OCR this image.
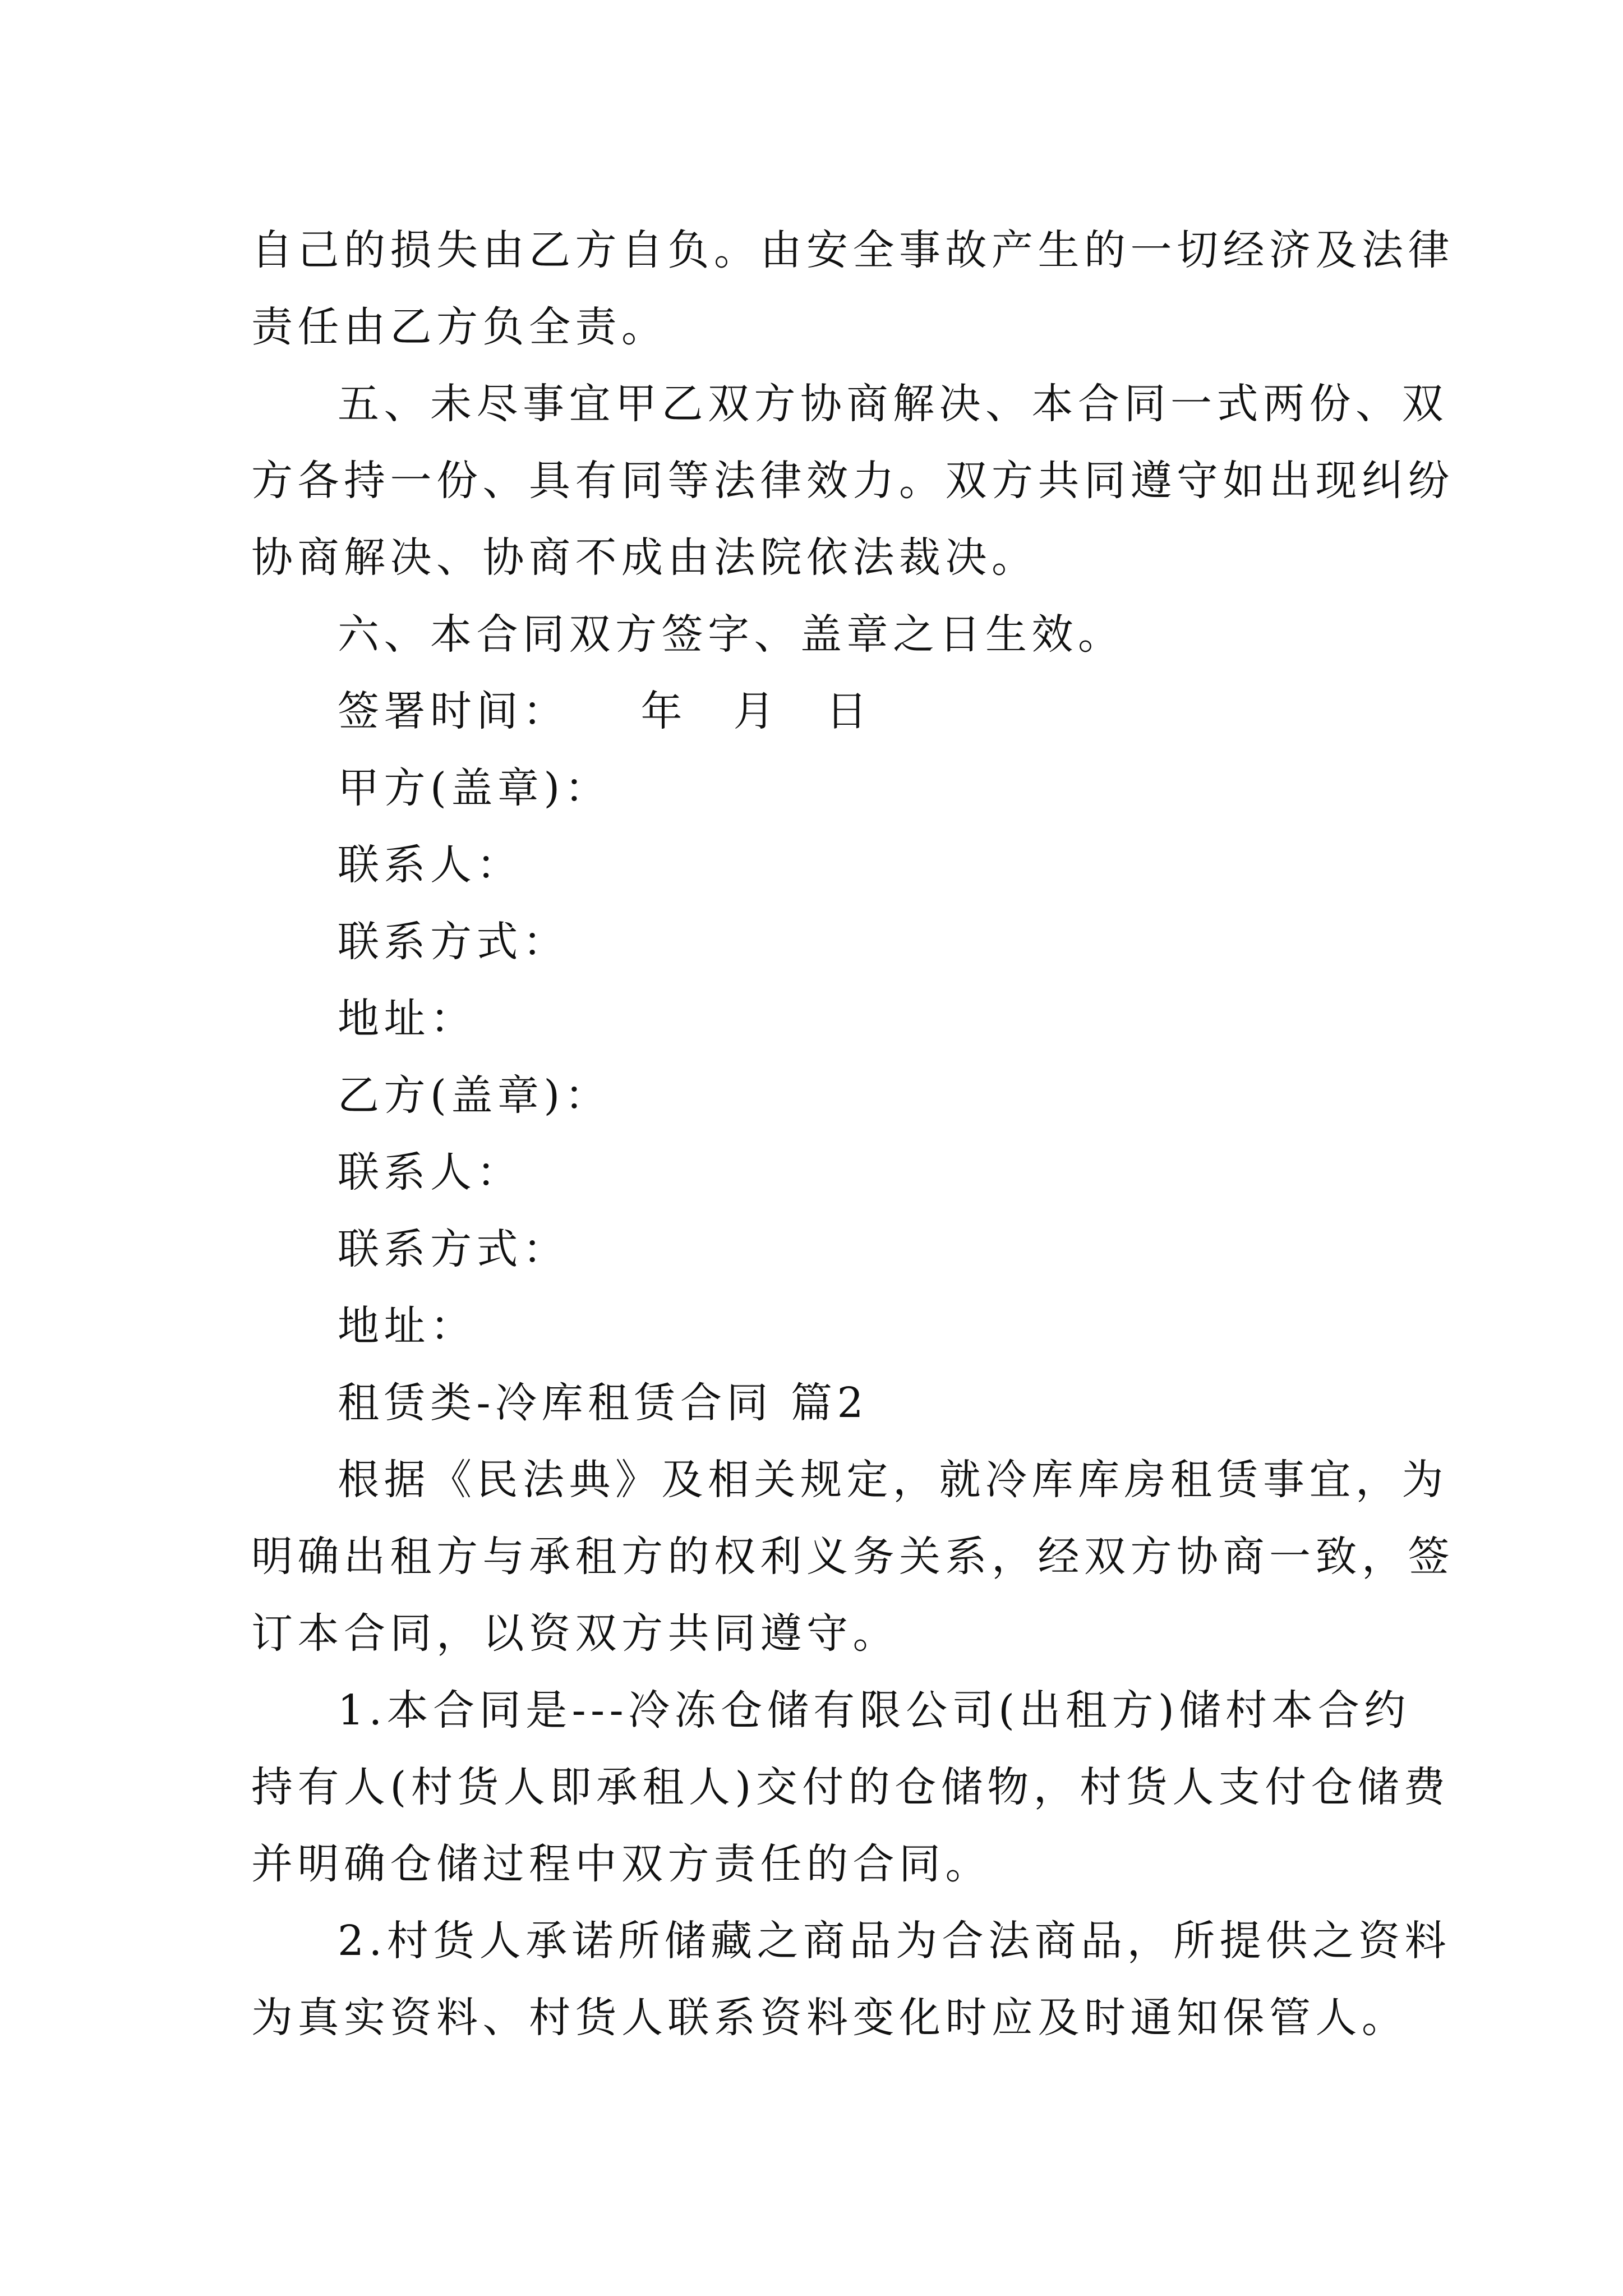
自己的损失由乙方自负。由安全事故产生的一切经济及法律
责任由乙方负全责。
五、未尽事宜甲乙双方协商解决、本合同一式两份、双
方各持一份、具有同等法律效力。双方共同遵守如出现纠纷
协商解决、协商不成由法院依法裁决。
六、本合同双方签字、盖章之日生效。
签署时间：　　年　月　日
甲方(盖章)：
联系人：
联系方式：
地址：
乙方(盖章)：
联系人：
联系方式：
地址：
租赁类-冷库租赁合同 篇2
根据《民法典》及相关规定，就冷库库房租赁事宜，为
明确出租方与承租方的权利义务关系，经双方协商一致，签
订本合同，以资双方共同遵守。
1.本合同是---冷冻仓储有限公司(出租方)储村本合约
持有人(村货人即承租人)交付的仓储物，村货人支付仓储费
并明确仓储过程中双方责任的合同。
2.村货人承诺所储藏之商品为合法商品，所提供之资料
为真实资料、村货人联系资料变化时应及时通知保管人。
